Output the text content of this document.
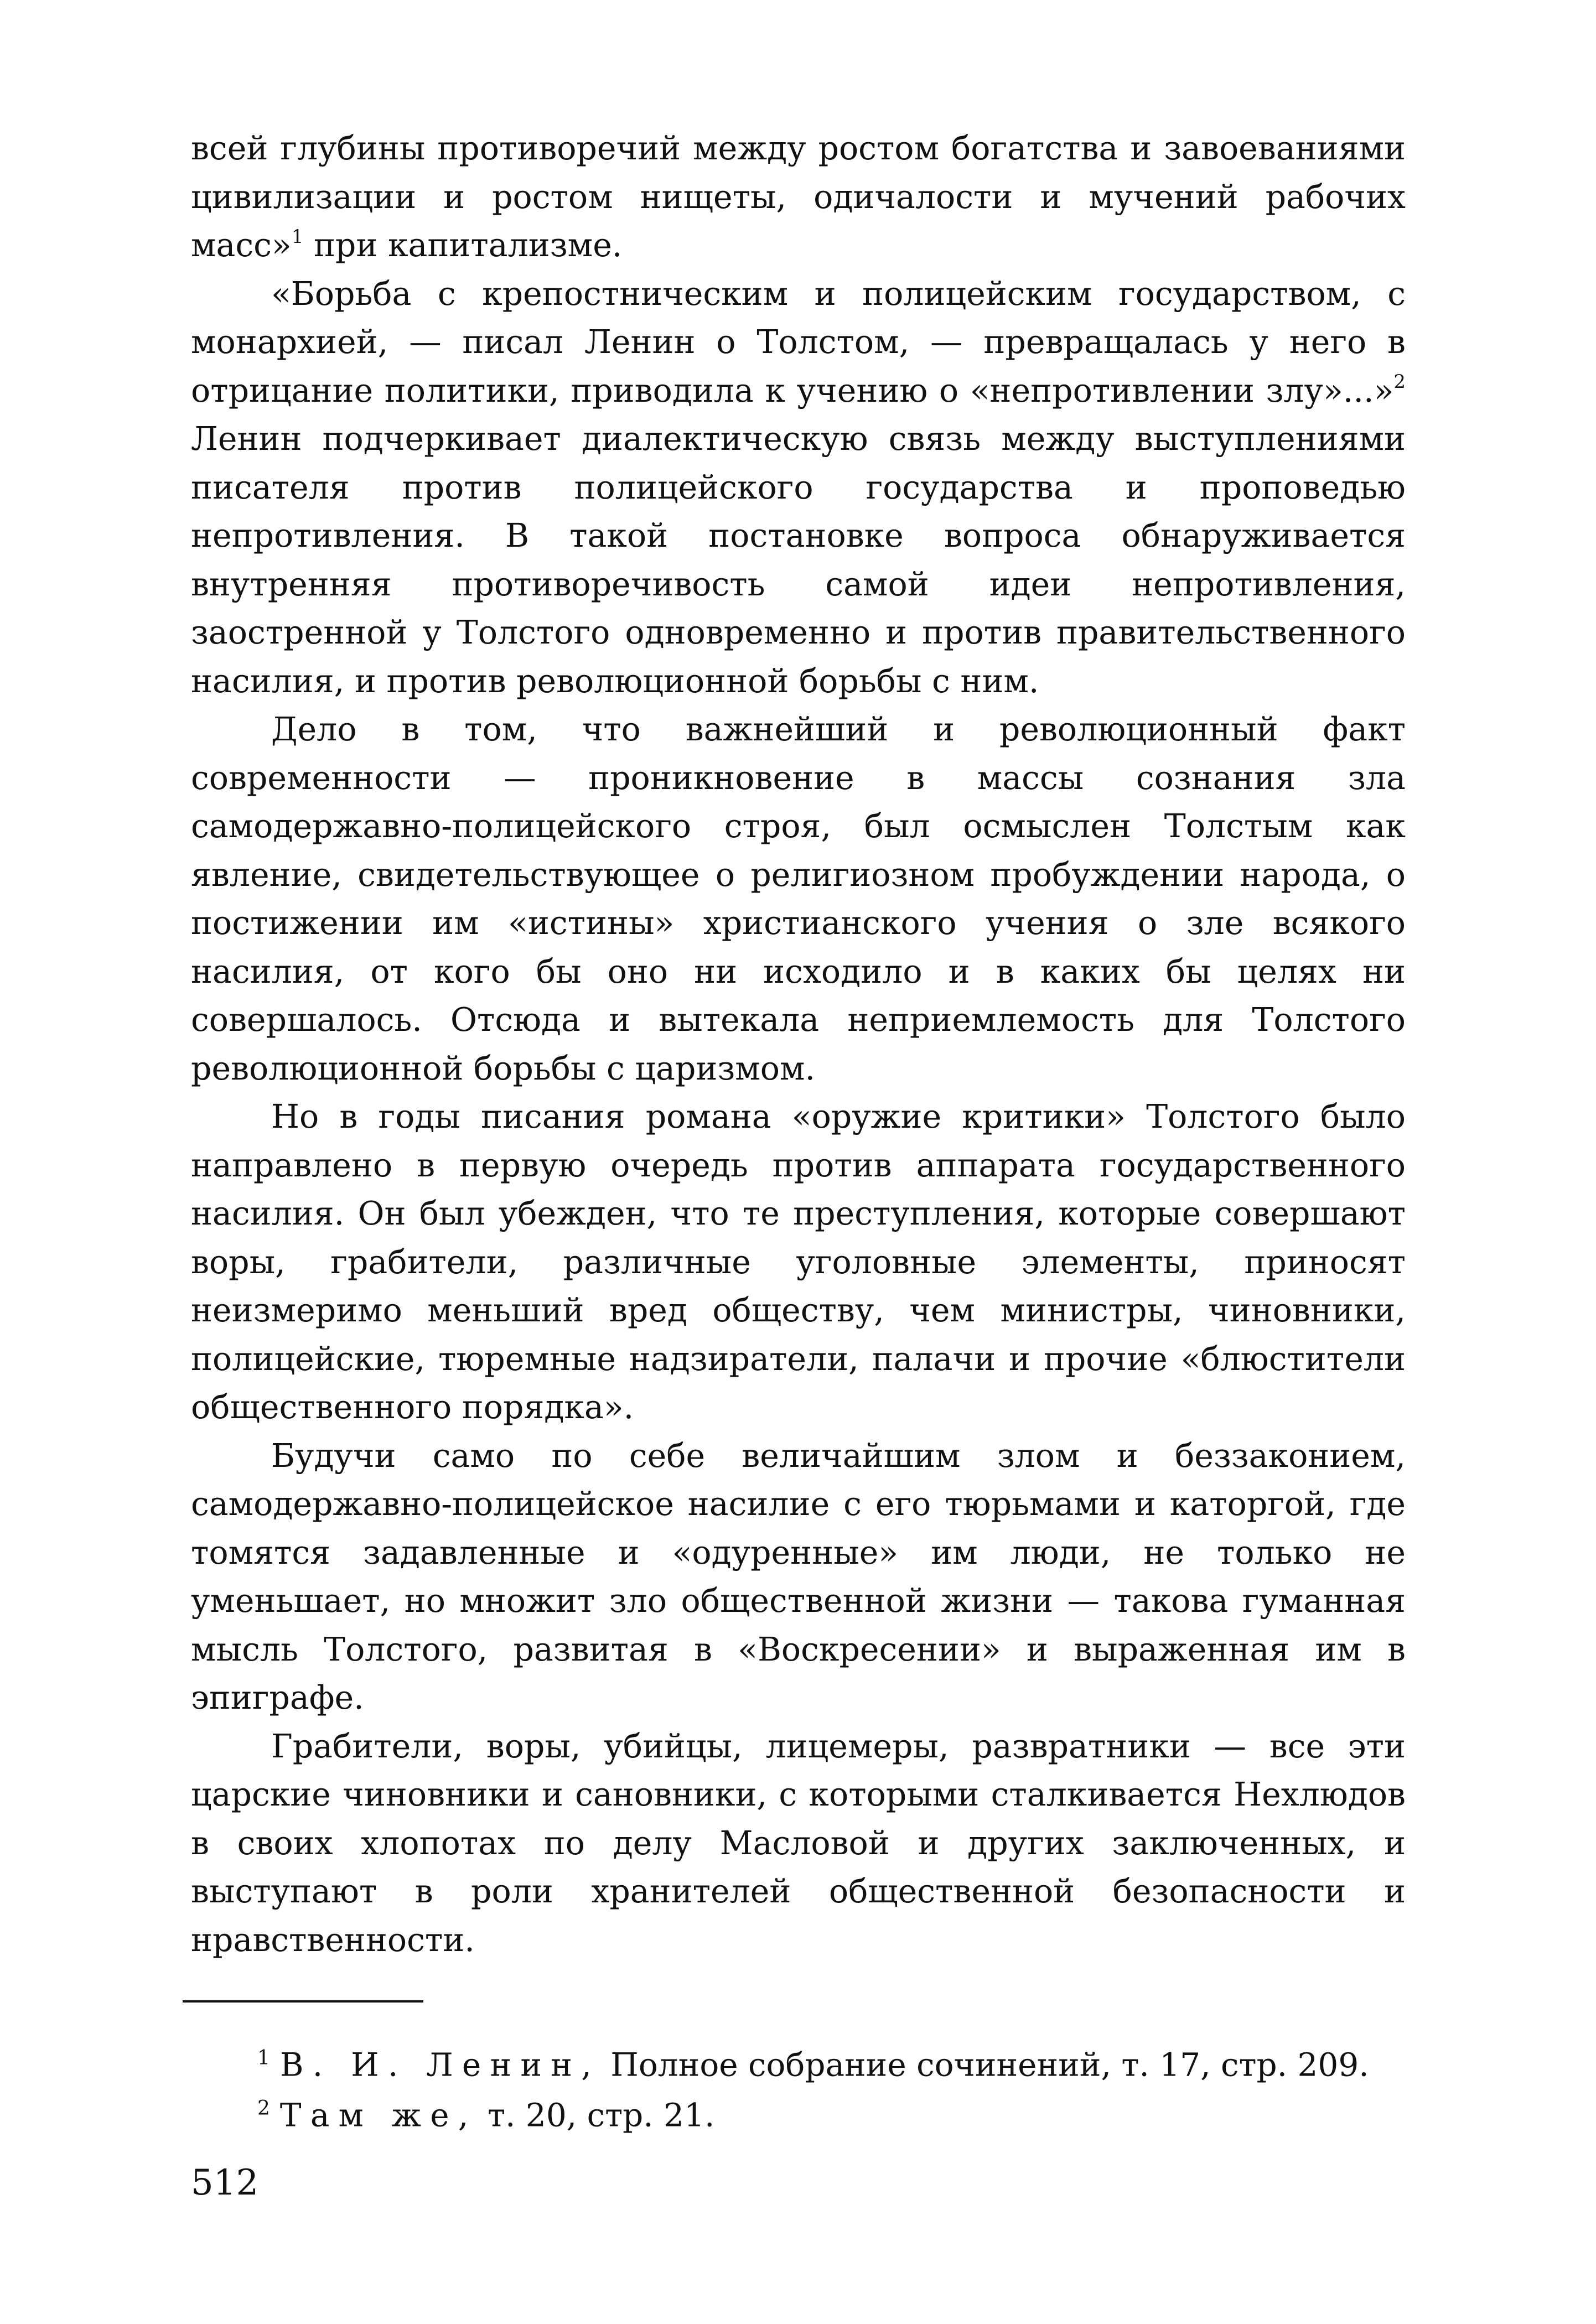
всей глубины противоречий между ростом богатства и завоеваниями цивилизации и ростом нищеты, одичалости и мучений рабочих масс»$^1$ при капитализме.

«Борьба с крепостническим и полицейским государством, с монархией, — писал Ленин о Толстом, — превращалась у него в отрицание политики, приводила к учению о «непротивлении злу»...»$^2$ Ленин подчеркивает диалектическую связь между выступлениями писателя против полицейского государства и проповедью непротивления. В такой постановке вопроса обнаруживается внутренняя противоречивость самой идеи непротивления, заостренной у Толстого одновременно и против правительственного насилия, и против революционной борьбы с ним.

Дело в том, что важнейший и революционный факт современности — проникновение в массы сознания зла самодержавно-полицейского строя, был осмыслен Толстым как явление, свидетельствующее о религиозном пробуждении народа, о постижении им «истины» христианского учения о зле всякого насилия, от кого бы оно ни исходило и в каких бы целях ни совершалось. Отсюда и вытекала неприемлемость для Толстого революционной борьбы с царизмом.

Но в годы писания романа «оружие критики» Толстого было направлено в первую очередь против аппарата государственного насилия. Он был убежден, что те преступления, которые совершают воры, грабители, различные уголовные элементы, приносят неизмеримо меньший вред обществу, чем министры, чиновники, полицейские, тюремные надзиратели, палачи и прочие «блюстители общественного порядка».

Будучи само по себе величайшим злом и беззаконием, самодержавно-полицейское насилие с его тюрьмами и каторгой, где томятся задавленные и «одуренные» им люди, не только не уменьшает, но множит зло общественной жизни — такова гуманная мысль Толстого, развитая в «Воскресении» и выраженная им в эпиграфе.

Грабители, воры, убийцы, лицемеры, развратники — все эти царские чиновники и сановники, с которыми сталкивается Нехлюдов в своих хлопотах по делу Масловой и других заключенных, и выступают в роли хранителей общественной безопасности и нравственности.

$^1$ В. И. Ленин, Полное собрание сочинений, т. 17, стр. 209.

$^2$ Там же, т. 20, стр. 21.

512
